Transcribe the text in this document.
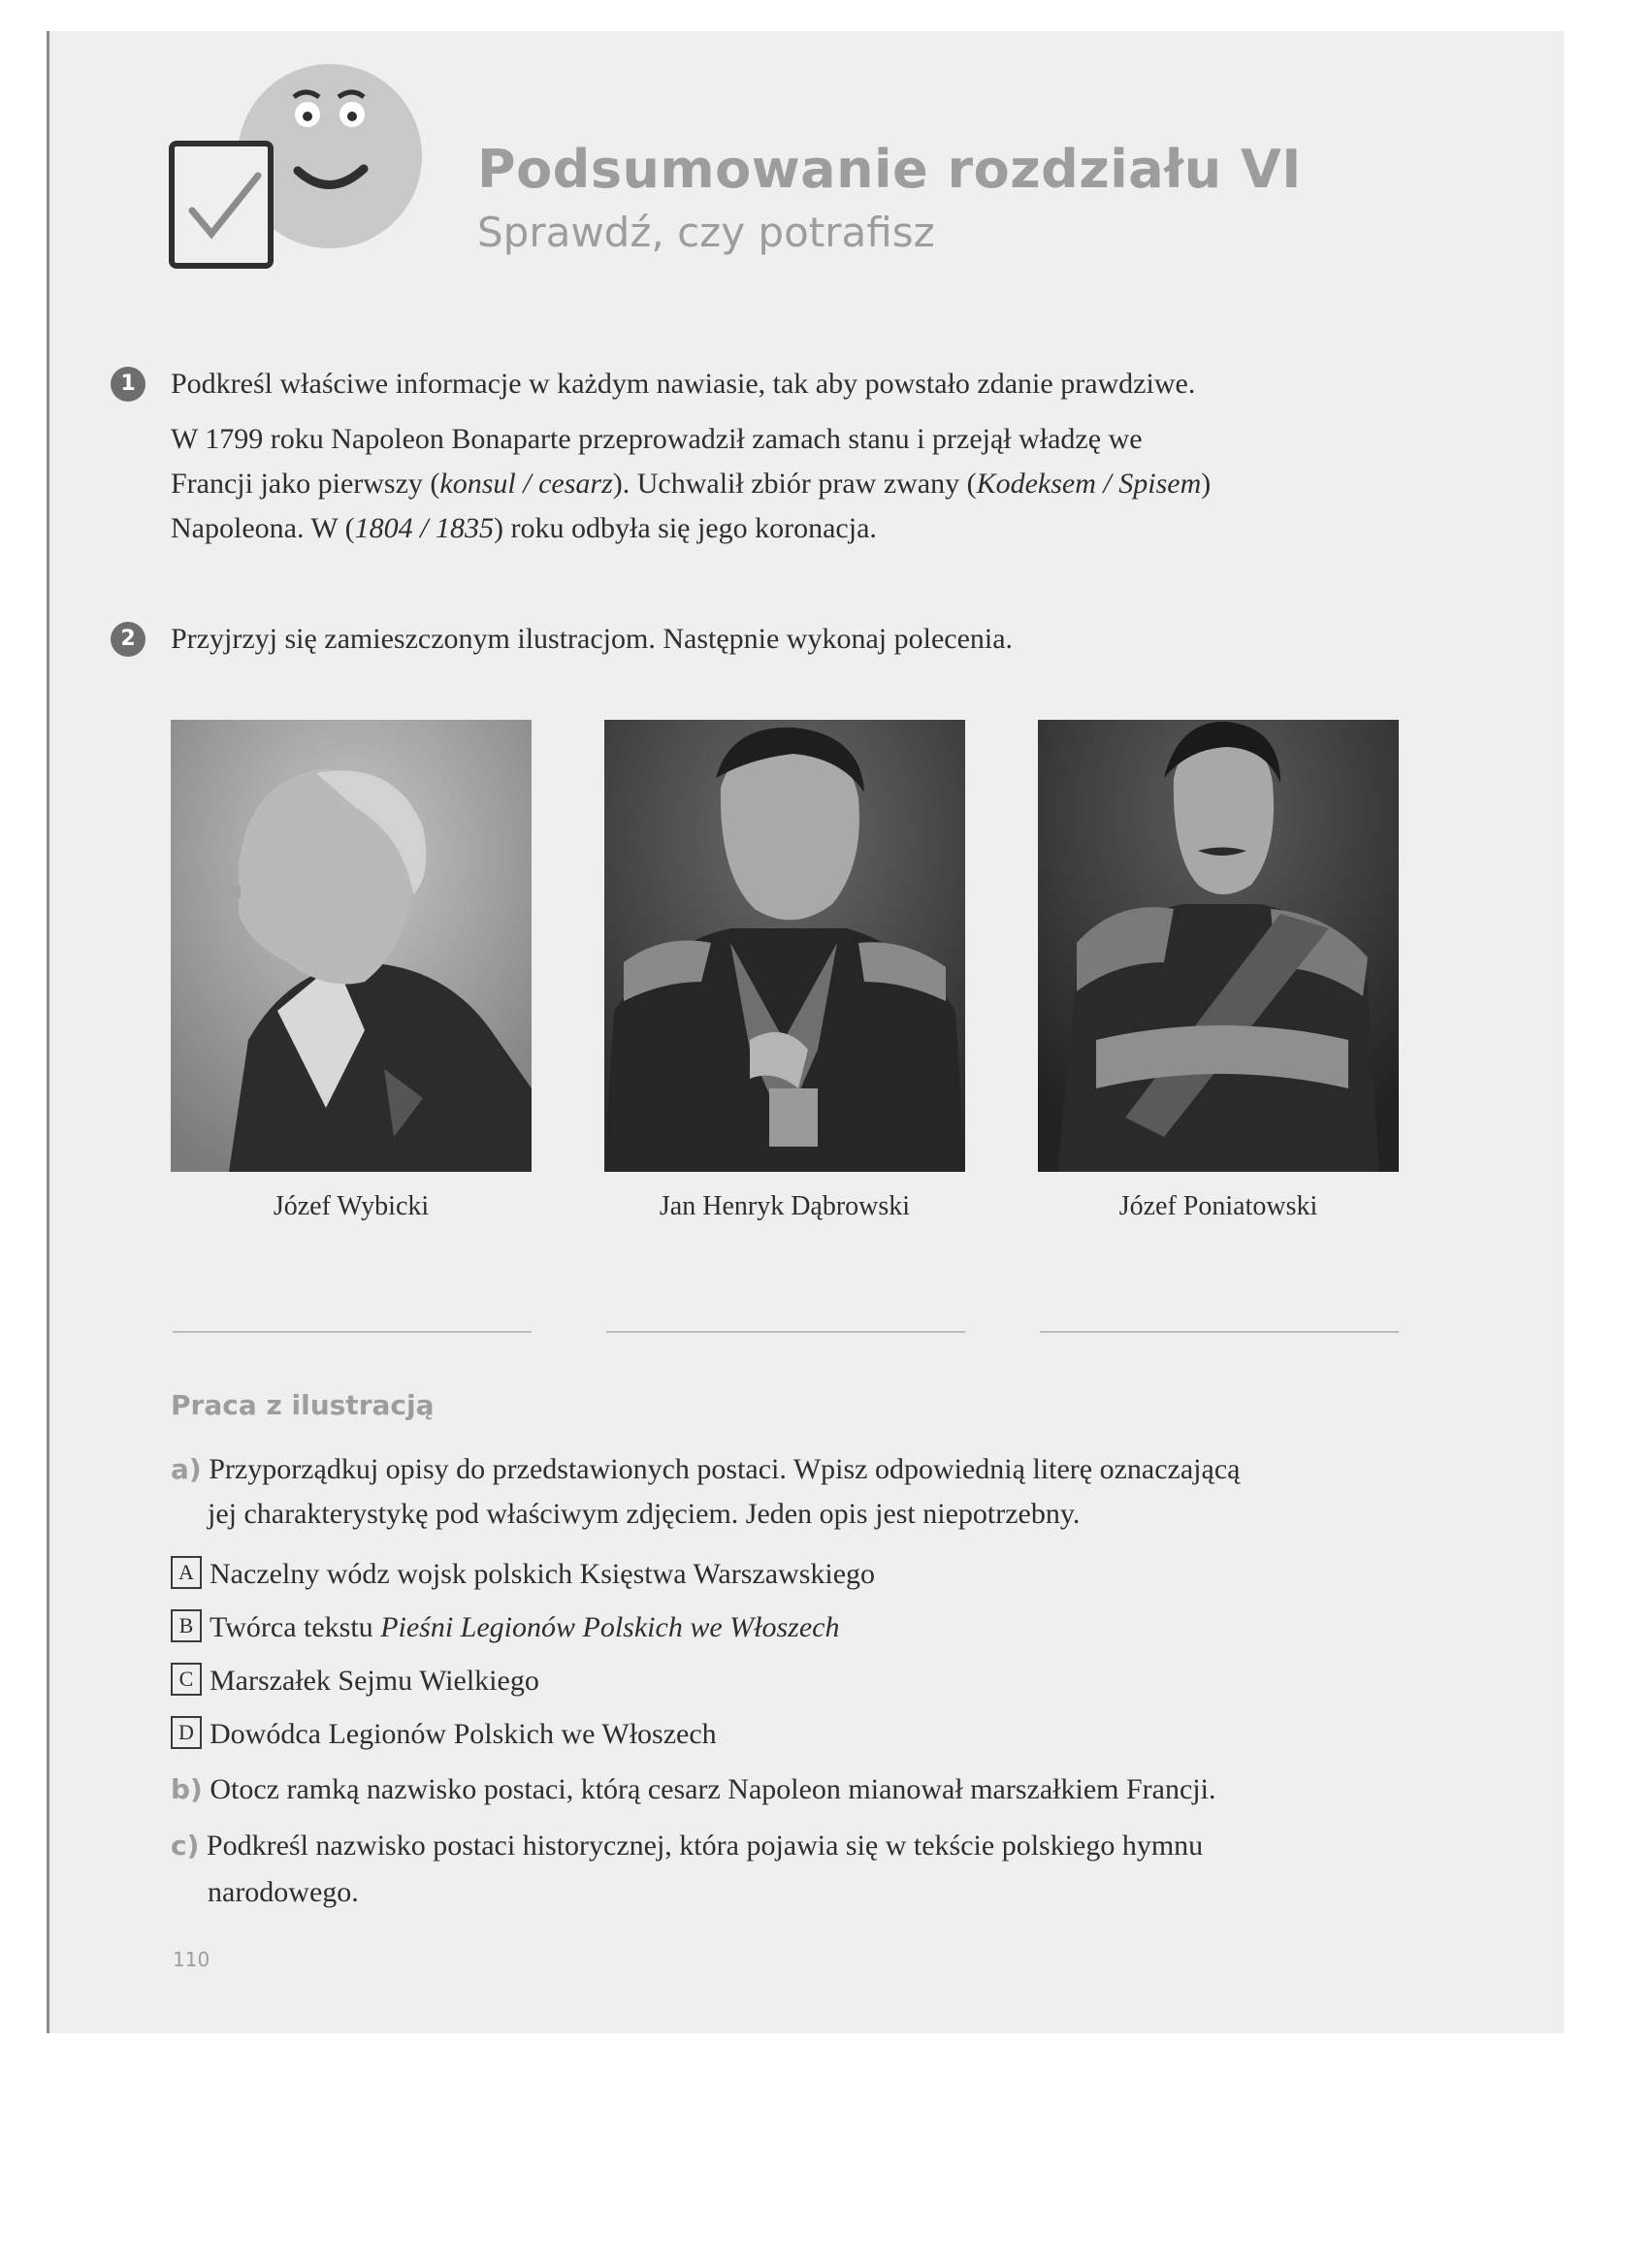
Podsumowanie rozdziału VI
Sprawdź, czy potrafisz
1	Podkreśl właściwe informacje w każdym nawiasie, tak aby powstało zdanie prawdziwe.
W 1799 roku Napoleon Bonaparte przeprowadził zamach stanu i przejął władzę we
Francji jako pierwszy (konsul / cesarz). Uchwalił zbiór praw zwany (Kodeksem / Spisem)
Napoleona. W (1804 / 1835) roku odbyła się jego koronacja.
2	Przyjrzyj się zamieszczonym ilustracjom. Następnie wykonaj polecenia.
Józef Wybicki	Jan Henryk Dąbrowski	Józef Poniatowski
Praca z ilustracją
a) Przyporządkuj opisy do przedstawionych postaci. Wpisz odpowiednią literę oznaczającą
jej charakterystykę pod właściwym zdjęciem. Jeden opis jest niepotrzebny.
A Naczelny wódz wojsk polskich Księstwa Warszawskiego
B Twórca tekstu Pieśni Legionów Polskich we Włoszech
C Marszałek Sejmu Wielkiego
D Dowódca Legionów Polskich we Włoszech
b) Otocz ramką nazwisko postaci, którą cesarz Napoleon mianował marszałkiem Francji.
c) Podkreśl nazwisko postaci historycznej, która pojawia się w tekście polskiego hymnu
narodowego.
110
